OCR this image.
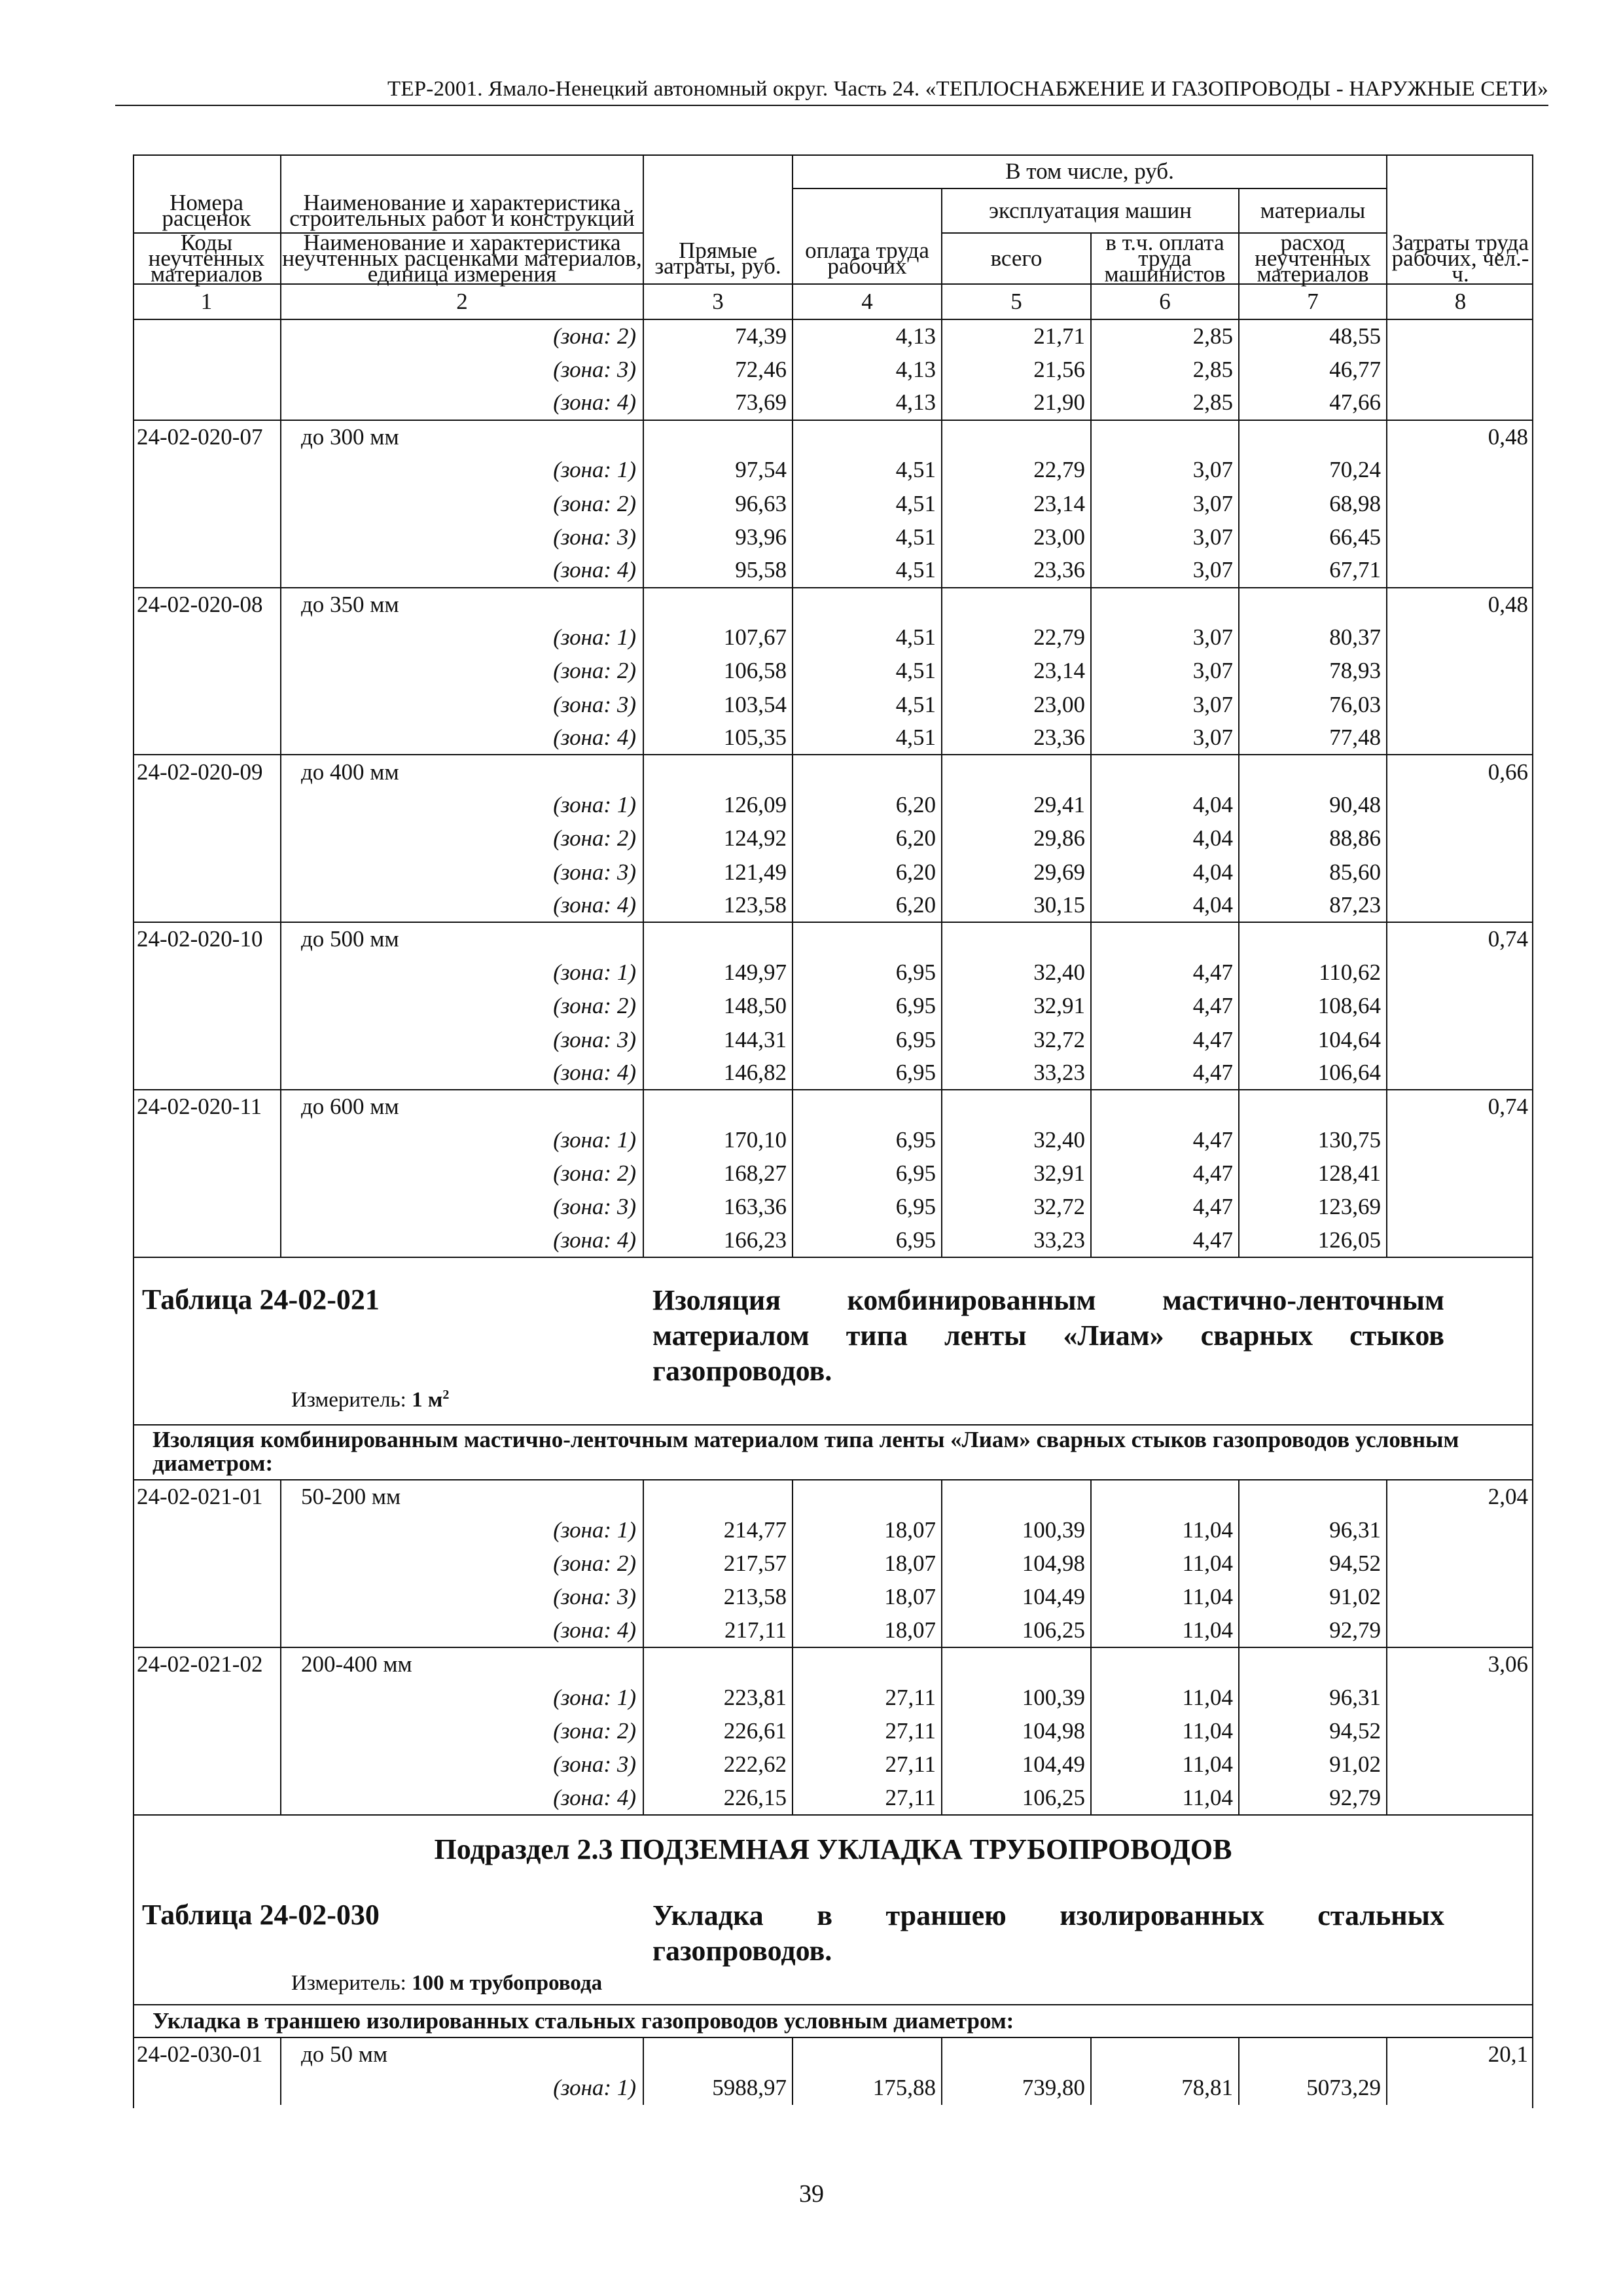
ТЕР-2001. Ямало-Ненецкий автономный округ. Часть 24. «ТЕПЛОСНАБЖЕНИЕ И ГАЗОПРОВОДЫ - НАРУЖНЫЕ СЕТИ»
			В том числе, руб.				
Номера расценок	Наименование и характеристика строительных работ и конструкций			эксплуатация машин		материалы	
Коды неучтенных материалов	Наименование и характеристика неучтенных расценками материалов, единица измерения	Прямые затраты, руб.	оплата труда рабочих	всего	в т.ч. оплата труда машинистов	расход неучтенных материалов	Затраты труда рабочих, чел.-ч.
1	2	3	4	5	6	7	8
	(зона: 2)	74,39	4,13	21,71	2,85	48,55	
	(зона: 3)	72,46	4,13	21,56	2,85	46,77	
	(зона: 4)	73,69	4,13	21,90	2,85	47,66	
24-02-020-07	до 300 мм						0,48
	(зона: 1)	97,54	4,51	22,79	3,07	70,24	
	(зона: 2)	96,63	4,51	23,14	3,07	68,98	
	(зона: 3)	93,96	4,51	23,00	3,07	66,45	
	(зона: 4)	95,58	4,51	23,36	3,07	67,71	
24-02-020-08	до 350 мм						0,48
	(зона: 1)	107,67	4,51	22,79	3,07	80,37	
	(зона: 2)	106,58	4,51	23,14	3,07	78,93	
	(зона: 3)	103,54	4,51	23,00	3,07	76,03	
	(зона: 4)	105,35	4,51	23,36	3,07	77,48	
24-02-020-09	до 400 мм						0,66
	(зона: 1)	126,09	6,20	29,41	4,04	90,48	
	(зона: 2)	124,92	6,20	29,86	4,04	88,86	
	(зона: 3)	121,49	6,20	29,69	4,04	85,60	
	(зона: 4)	123,58	6,20	30,15	4,04	87,23	
24-02-020-10	до 500 мм						0,74
	(зона: 1)	149,97	6,95	32,40	4,47	110,62	
	(зона: 2)	148,50	6,95	32,91	4,47	108,64	
	(зона: 3)	144,31	6,95	32,72	4,47	104,64	
	(зона: 4)	146,82	6,95	33,23	4,47	106,64	
24-02-020-11	до 600 мм						0,74
	(зона: 1)	170,10	6,95	32,40	4,47	130,75	
	(зона: 2)	168,27	6,95	32,91	4,47	128,41	
	(зона: 3)	163,36	6,95	32,72	4,47	123,69	
	(зона: 4)	166,23	6,95	33,23	4,47	126,05	

Таблица 24-02-021 Изоляция комбинированным мастично-ленточным материалом типа ленты «Лиам» сварных стыков газопроводов.
Измеритель: 1 $м^2$

Изоляция комбинированным мастично-ленточным материалом типа ленты «Лиам» сварных стыков газопроводов условным диаметром:							
24-02-021-01	50-200 мм						2,04
	(зона: 1)	214,77	18,07	100,39	11,04	96,31	
	(зона: 2)	217,57	18,07	104,98	11,04	94,52	
	(зона: 3)	213,58	18,07	104,49	11,04	91,02	
	(зона: 4)	217,11	18,07	106,25	11,04	92,79	
24-02-021-02	200-400 мм						3,06
	(зона: 1)	223,81	27,11	100,39	11,04	96,31	
	(зона: 2)	226,61	27,11	104,98	11,04	94,52	
	(зона: 3)	222,62	27,11	104,49	11,04	91,02	
	(зона: 4)	226,15	27,11	106,25	11,04	92,79	

Подраздел 2.3 ПОДЗЕМНАЯ УКЛАДКА ТРУБОПРОВОДОВ
Таблица 24-02-030 Укладка в траншею изолированных стальных газопроводов.
Измеритель: 100 м трубопровода							

Укладка в траншею изолированных стальных газопроводов условным диаметром:							
24-02-030-01	до 50 мм						20,1
	(зона: 1)	5988,97	175,88	739,80	78,81	5073,29	
39
